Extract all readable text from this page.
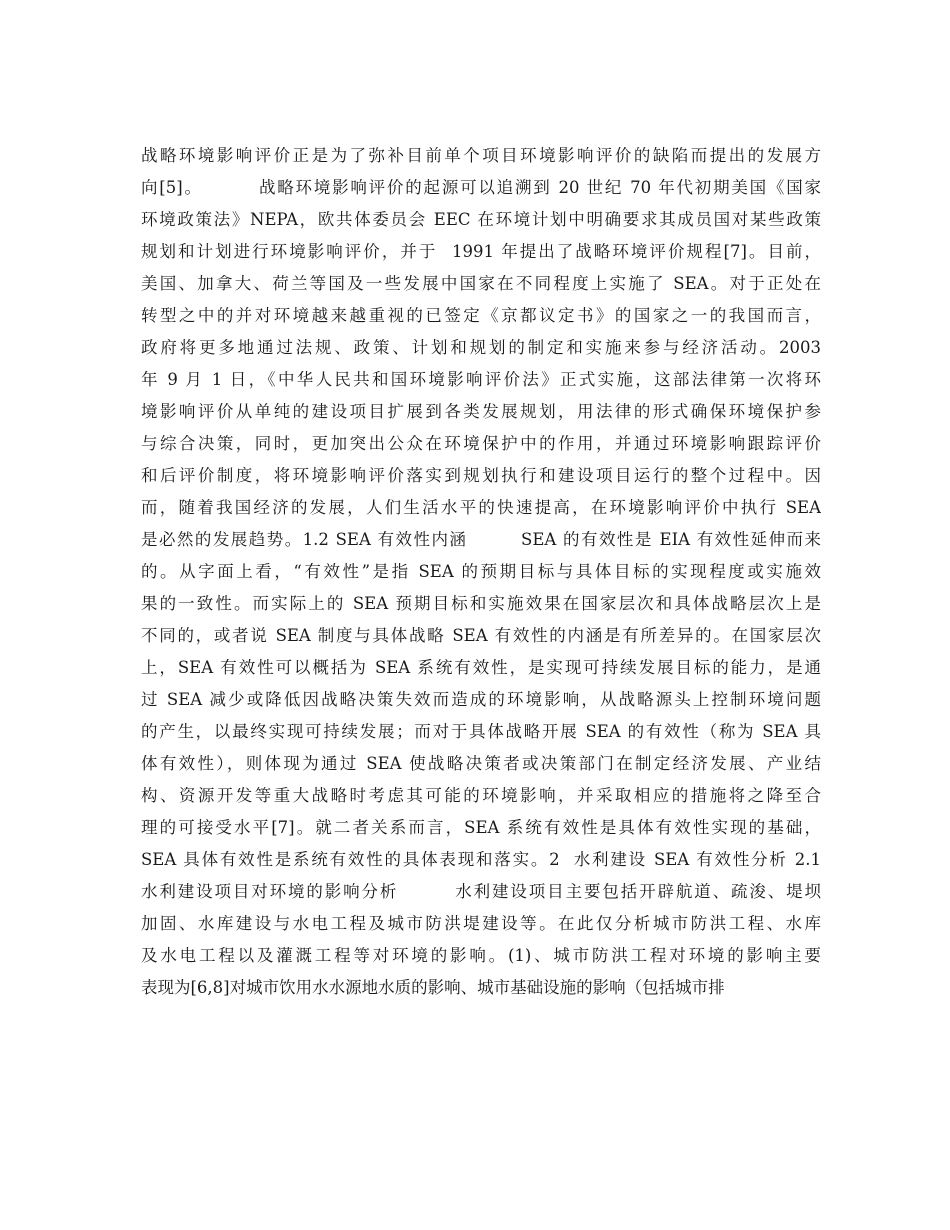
战略环境影响评价正是为了弥补目前单个项目环境影响评价的缺陷而提出的发展方
向[5]。        战略环境影响评价的起源可以追溯到 20 世纪 70 年代初期美国《国家
环境政策法》NEPA，欧共体委员会 EEC 在环境计划中明确要求其成员国对某些政策
规划和计划进行环境影响评价，并于  1991 年提出了战略环境评价规程[7]。目前，
美国、加拿大、荷兰等国及一些发展中国家在不同程度上实施了 SEA。对于正处在
转型之中的并对环境越来越重视的已签定《京都议定书》的国家之一的我国而言，
政府将更多地通过法规、政策、计划和规划的制定和实施来参与经济活动。2003
年 9 月 1 日，《中华人民共和国环境影响评价法》正式实施，这部法律第一次将环
境影响评价从单纯的建设项目扩展到各类发展规划，用法律的形式确保环境保护参
与综合决策，同时，更加突出公众在环境保护中的作用，并通过环境影响跟踪评价
和后评价制度，将环境影响评价落实到规划执行和建设项目运行的整个过程中。因
而，随着我国经济的发展，人们生活水平的快速提高，在环境影响评价中执行 SEA
是必然的发展趋势。1.2 SEA 有效性内涵        SEA 的有效性是 EIA 有效性延伸而来
的。从字面上看，“有效性”是指 SEA 的预期目标与具体目标的实现程度或实施效
果的一致性。而实际上的 SEA 预期目标和实施效果在国家层次和具体战略层次上是
不同的，或者说 SEA 制度与具体战略 SEA 有效性的内涵是有所差异的。在国家层次
上，SEA 有效性可以概括为 SEA 系统有效性，是实现可持续发展目标的能力，是通
过 SEA 减少或降低因战略决策失效而造成的环境影响，从战略源头上控制环境问题
的产生，以最终实现可持续发展；而对于具体战略开展 SEA 的有效性（称为 SEA 具
体有效性），则体现为通过 SEA 使战略决策者或决策部门在制定经济发展、产业结
构、资源开发等重大战略时考虑其可能的环境影响，并采取相应的措施将之降至合
理的可接受水平[7]。就二者关系而言，SEA 系统有效性是具体有效性实现的基础，
SEA 具体有效性是系统有效性的具体表现和落实。2  水利建设 SEA 有效性分析 2.1
水利建设项目对环境的影响分析        水利建设项目主要包括开辟航道、疏浚、堤坝
加固、水库建设与水电工程及城市防洪堤建设等。在此仅分析城市防洪工程、水库
及水电工程以及灌溉工程等对环境的影响。(1)、城市防洪工程对环境的影响主要
表现为[6,8]对城市饮用水水源地水质的影响、城市基础设施的影响（包括城市排
